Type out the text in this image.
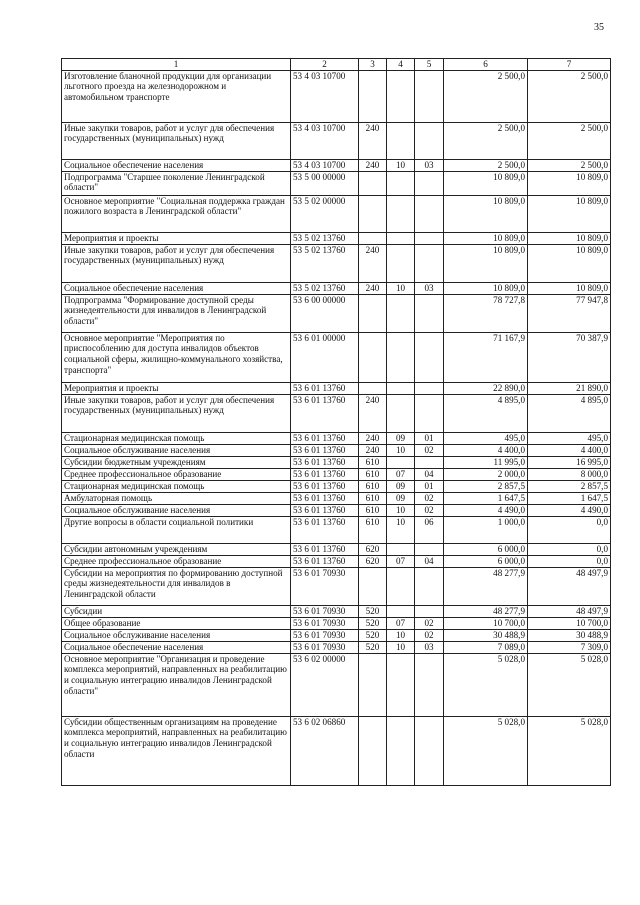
35
1	2	3	4	5	6	7
Изготовление бланочной продукции для организации льготного проезда на железнодорожном и автомобильном транспорте	53 4 03 10700				2 500,0	2 500,0
Иные закупки товаров, работ и услуг для обеспечения государственных (муниципальных) нужд	53 4 03 10700	240			2 500,0	2 500,0
Социальное обеспечение населения	53 4 03 10700	240	10	03	2 500,0	2 500,0
Подпрограмма "Старшее поколение Ленинградской области"	53 5 00 00000				10 809,0	10 809,0
Основное мероприятие "Социальная поддержка граждан пожилого возраста в Ленинградской области"	53 5 02 00000				10 809,0	10 809,0
Мероприятия и проекты	53 5 02 13760				10 809,0	10 809,0
Иные закупки товаров, работ и услуг для обеспечения государственных (муниципальных) нужд	53 5 02 13760	240			10 809,0	10 809,0
Социальное обеспечение населения	53 5 02 13760	240	10	03	10 809,0	10 809,0
Подпрограмма "Формирование доступной среды жизнедеятельности для инвалидов в Ленинградской области"	53 6 00 00000				78 727,8	77 947,8
Основное мероприятие "Мероприятия по приспособлению для доступа инвалидов объектов социальной сферы, жилищно-коммунального хозяйства, транспорта"	53 6 01 00000				71 167,9	70 387,9
Мероприятия и проекты	53 6 01 13760				22 890,0	21 890,0
Иные закупки товаров, работ и услуг для обеспечения государственных (муниципальных) нужд	53 6 01 13760	240			4 895,0	4 895,0
Стационарная медицинская помощь	53 6 01 13760	240	09	01	495,0	495,0
Социальное обслуживание населения	53 6 01 13760	240	10	02	4 400,0	4 400,0
Субсидии бюджетным учреждениям	53 6 01 13760	610			11 995,0	16 995,0
Среднее профессиональное образование	53 6 01 13760	610	07	04	2 000,0	8 000,0
Стационарная медицинская помощь	53 6 01 13760	610	09	01	2 857,5	2 857,5
Амбулаторная помощь	53 6 01 13760	610	09	02	1 647,5	1 647,5
Социальное обслуживание населения	53 6 01 13760	610	10	02	4 490,0	4 490,0
Другие вопросы в области социальной политики	53 6 01 13760	610	10	06	1 000,0	0,0
Субсидии автономным учреждениям	53 6 01 13760	620			6 000,0	0,0
Среднее профессиональное образование	53 6 01 13760	620	07	04	6 000,0	0,0
Субсидии на мероприятия по формированию доступной среды жизнедеятельности для инвалидов в Ленинградской области	53 6 01 70930				48 277,9	48 497,9
Субсидии	53 6 01 70930	520			48 277,9	48 497,9
Общее образование	53 6 01 70930	520	07	02	10 700,0	10 700,0
Социальное обслуживание населения	53 6 01 70930	520	10	02	30 488,9	30 488,9
Социальное обеспечение населения	53 6 01 70930	520	10	03	7 089,0	7 309,0
Основное мероприятие "Организация и проведение комплекса мероприятий, направленных на реабилитацию и социальную интеграцию инвалидов Ленинградской области"	53 6 02 00000				5 028,0	5 028,0
Субсидии общественным организациям на проведение комплекса мероприятий, направленных на реабилитацию и социальную интеграцию инвалидов Ленинградской области	53 6 02 06860				5 028,0	5 028,0
